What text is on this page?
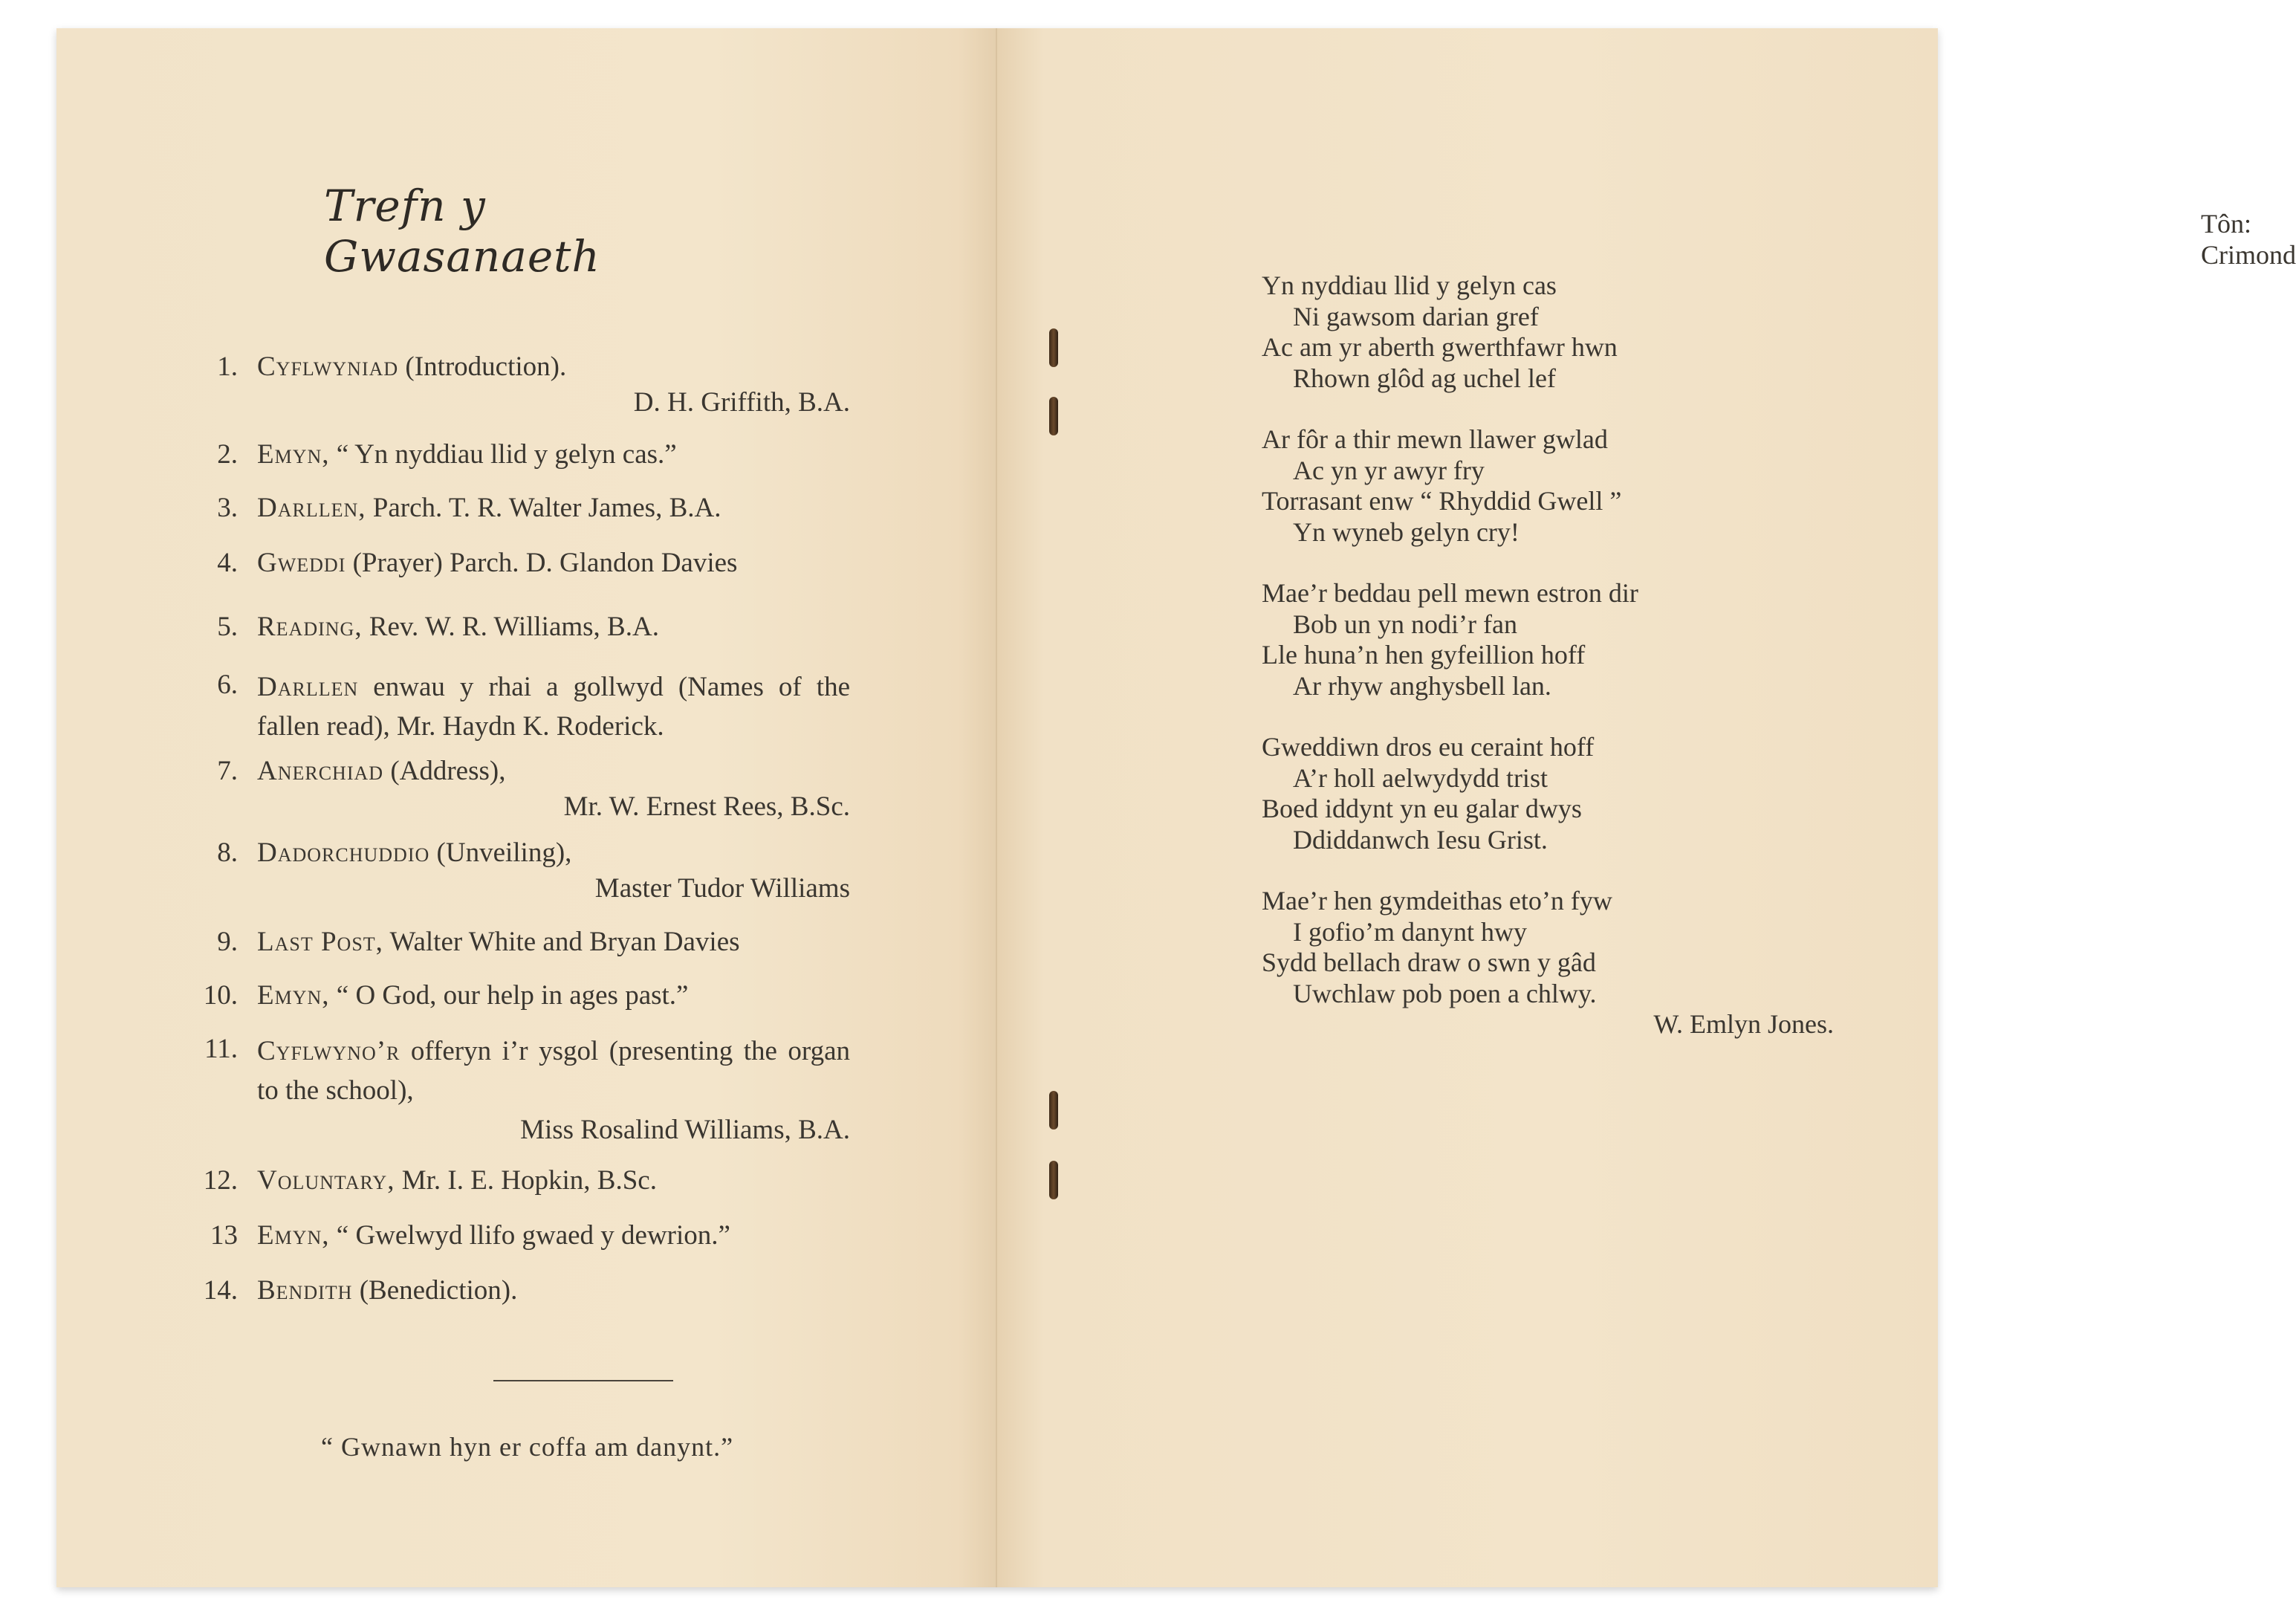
Trefn y Gwasanaeth
1. Cyflwyniad (Introduction).
D. H. Griffith, B.A.
2. Emyn, “ Yn nyddiau llid y gelyn cas.”
3. Darllen, Parch. T. R. Walter James, B.A.
4. Gweddi (Prayer) Parch. D. Glandon Davies
5. Reading, Rev. W. R. Williams, B.A.
6. Darllen enwau y rhai a gollwyd (Names of the fallen read), Mr. Haydn K. Roderick.
7. Anerchiad (Address),
Mr. W. Ernest Rees, B.Sc.
8. Dadorchuddio (Unveiling),
Master Tudor Williams
9. Last Post, Walter White and Bryan Davies
10. Emyn, “ O God, our help in ages past.”
11. Cyflwyno’r offeryn i’r ysgol (presenting the organ to the school),
Miss Rosalind Williams, B.A.
12. Voluntary, Mr. I. E. Hopkin, B.Sc.
13 Emyn, “ Gwelwyd llifo gwaed y dewrion.”
14. Bendith (Benediction).
“ Gwnawn hyn er coffa am danynt.”
Tôn: Crimond
Yn nyddiau llid y gelyn cas
Ni gawsom darian gref
Ac am yr aberth gwerthfawr hwn
Rhown glôd ag uchel lef
Ar fôr a thir mewn llawer gwlad
Ac yn yr awyr fry
Torrasant enw “ Rhyddid Gwell ”
Yn wyneb gelyn cry!
Mae’r beddau pell mewn estron dir
Bob un yn nodi’r fan
Lle huna’n hen gyfeillion hoff
Ar rhyw anghysbell lan.
Gweddiwn dros eu ceraint hoff
A’r holl aelwydydd trist
Boed iddynt yn eu galar dwys
Ddiddanwch Iesu Grist.
Mae’r hen gymdeithas eto’n fyw
I gofio’m danynt hwy
Sydd bellach draw o swn y gâd
Uwchlaw pob poen a chlwy.
W. Emlyn Jones.
